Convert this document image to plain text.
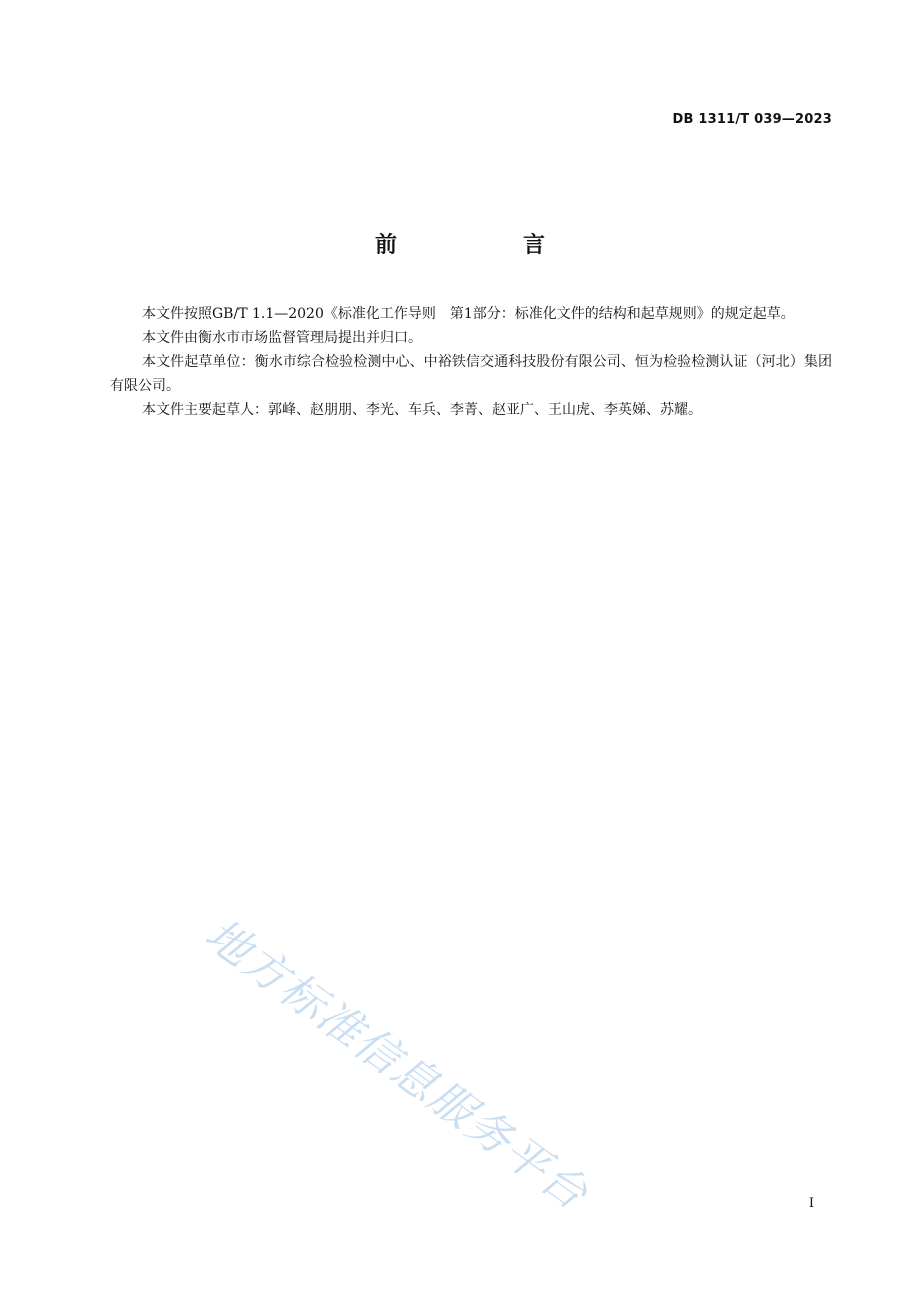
DB 1311/T 039—2023
前　言

本文件按照GB/T 1.1—2020《标准化工作导则　第1部分：标准化文件的结构和起草规则》的规定起草。

本文件由衡水市市场监督管理局提出并归口。

本文件起草单位：衡水市综合检验检测中心、中裕铁信交通科技股份有限公司、恒为检验检测认证（河北）集团有限公司。

本文件主要起草人：郭峰、赵朋朋、李光、车兵、李菁、赵亚广、王山虎、李英娣、苏耀。

地方标准信息服务平台	I
